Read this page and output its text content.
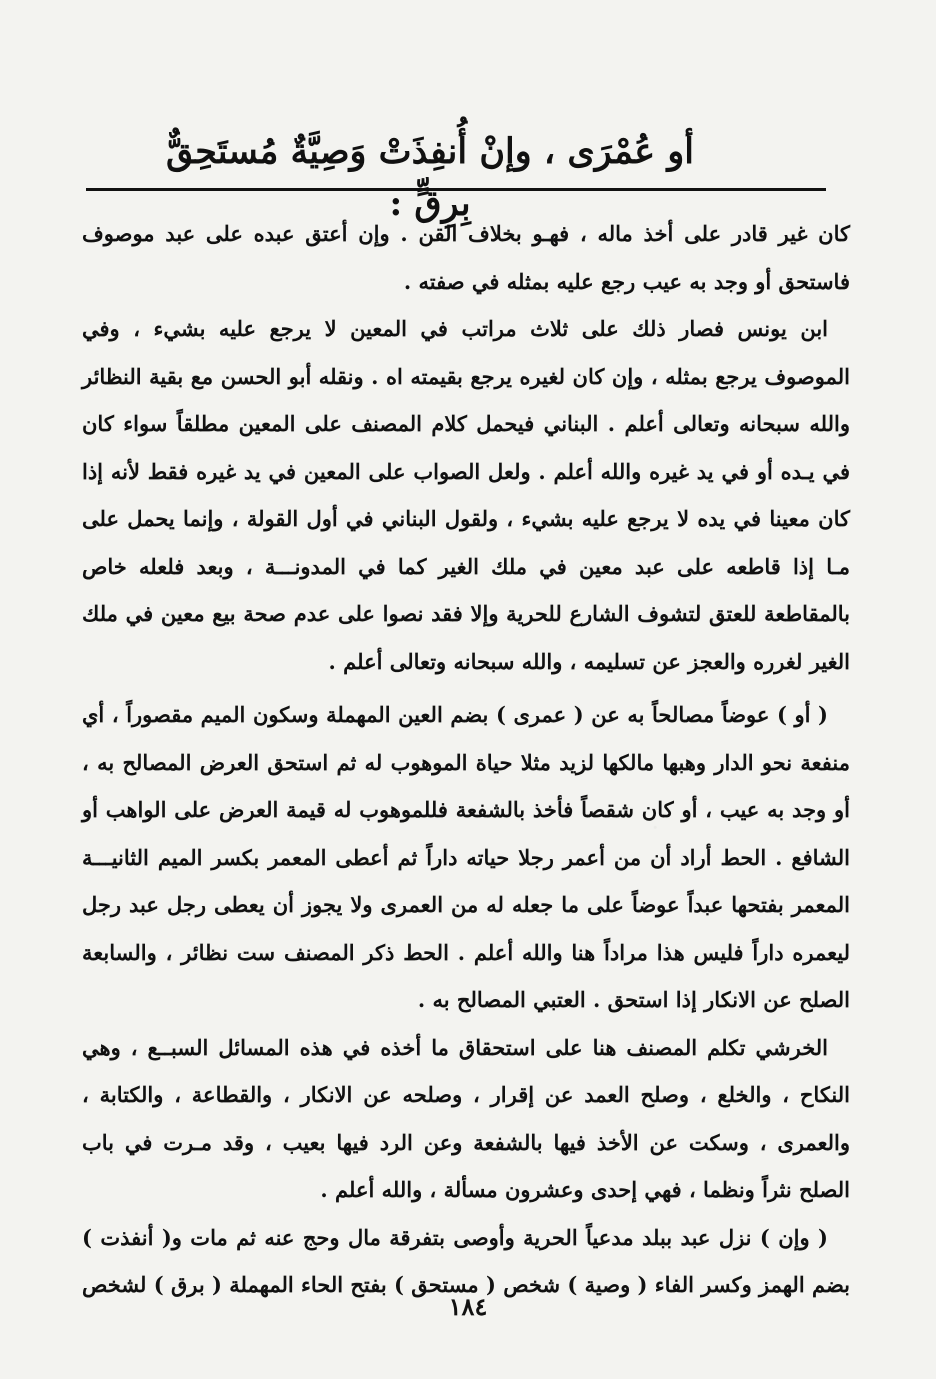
أو عُمْرَى ، وإنْ أُنفِذَتْ وَصِيَّةٌ مُستَحِقٌّ بِرِقٍّ :

كان غير قادر على أخذ ماله ، فهـو بخلاف القن . وإن أعتق عبده على عبد موصوف فاستحق أو وجد به عيب رجع عليه بمثله في صفته .

ابن يونس فصار ذلك على ثلاث مراتب في المعين لا يرجع عليه بشيء ، وفي الموصوف يرجع بمثله ، وإن كان لغيره يرجع بقيمته اه . ونقله أبو الحسن مع بقية النظائر والله سبحانه وتعالى أعلم . البناني فيحمل كلام المصنف على المعين مطلقاً سواء كان في يـده أو في يد غيره والله أعلم . ولعل الصواب على المعين في يد غيره فقط لأنه إذا كان معينا في يده لا يرجع عليه بشيء ، ولقول البناني في أول القولة ، وإنما يحمل على مـا إذا قاطعه على عبد معين في ملك الغير كما في المدونـــة ، وبعد فلعله خاص بالمقاطعة للعتق لتشوف الشارع للحرية وإلا فقد نصوا على عدم صحة بيع معين في ملك الغير لغرره والعجز عن تسليمه ، والله سبحانه وتعالى أعلم .

( أو ) عوضاً مصالحاً به عن ( عمرى ) بضم العين المهملة وسكون الميم مقصوراً ، أي منفعة نحو الدار وهبها مالكها لزيد مثلا حياة الموهوب له ثم استحق العرض المصالح به ، أو وجد به عيب ، أو كان شقصاً فأخذ بالشفعة فللموهوب له قيمة العرض على الواهب أو الشافع . الحط أراد أن من أعمر رجلا حياته داراً ثم أعطى المعمر بكسر الميم الثانيـــة المعمر بفتحها عبداً عوضاً على ما جعله له من العمرى ولا يجوز أن يعطى رجل عبد رجل ليعمره داراً فليس هذا مراداً هنا والله أعلم . الحط ذكر المصنف ست نظائر ، والسابعة الصلح عن الانكار إذا استحق . العتبي المصالح به .

الخرشي تكلم المصنف هنا على استحقاق ما أخذه في هذه المسائل السبــع ، وهي النكاح ، والخلع ، وصلح العمد عن إقرار ، وصلحه عن الانكار ، والقطاعة ، والكتابة ، والعمرى ، وسكت عن الأخذ فيها بالشفعة وعن الرد فيها بعيب ، وقد مـرت في باب الصلح نثراً ونظما ، فهي إحدى وعشرون مسألة ، والله أعلم .

( وإن ) نزل عبد ببلد مدعياً الحرية وأوصى بتفرقة مال وحج عنه ثم مات و( أنفذت ) بضم الهمز وكسر الفاء ( وصية ) شخص ( مستحق ) بفتح الحاء المهملة ( برق ) لشخص

١٨٤
